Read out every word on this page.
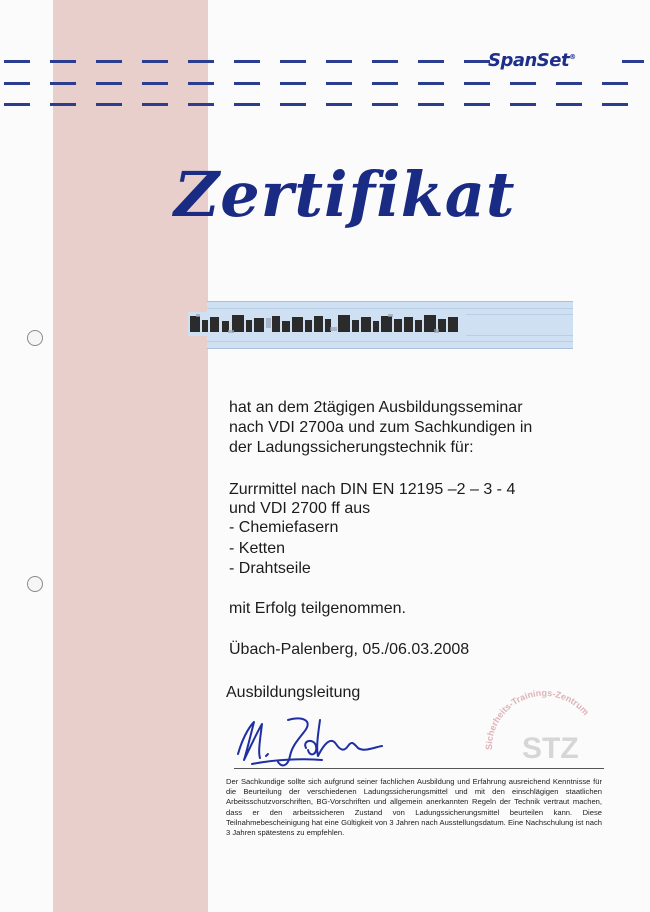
SpanSet®
Zertifikat
hat an dem 2tägigen Ausbildungsseminar
nach VDI 2700a und zum Sachkundigen in
der Ladungssicherungstechnik für:
Zurrmittel nach DIN EN 12195 –2 – 3 - 4
und VDI 2700 ff aus
- Chemiefasern
- Ketten
- Drahtseile
mit Erfolg teilgenommen.
Übach-Palenberg, 05./06.03.2008
Ausbildungsleitung
Sicherheits-Trainings-Zentrum
STZ
Der Sachkundige sollte sich aufgrund seiner fachlichen Ausbildung und Erfahrung ausreichend Kenntnisse für die Beurteilung der verschiedenen Ladungssicherungsmittel und mit den einschlägigen staatlichen Arbeitsschutzvorschriften, BG-Vorschriften und allgemein anerkannten Regeln der Technik vertraut machen, dass er den arbeitssicheren Zustand von Ladungssicherungsmittel beurteilen kann. Diese Teilnahmebescheinigung hat eine Gültigkeit von 3 Jahren nach Ausstellungsdatum. Eine Nachschulung ist nach 3 Jahren spätestens zu empfehlen.
